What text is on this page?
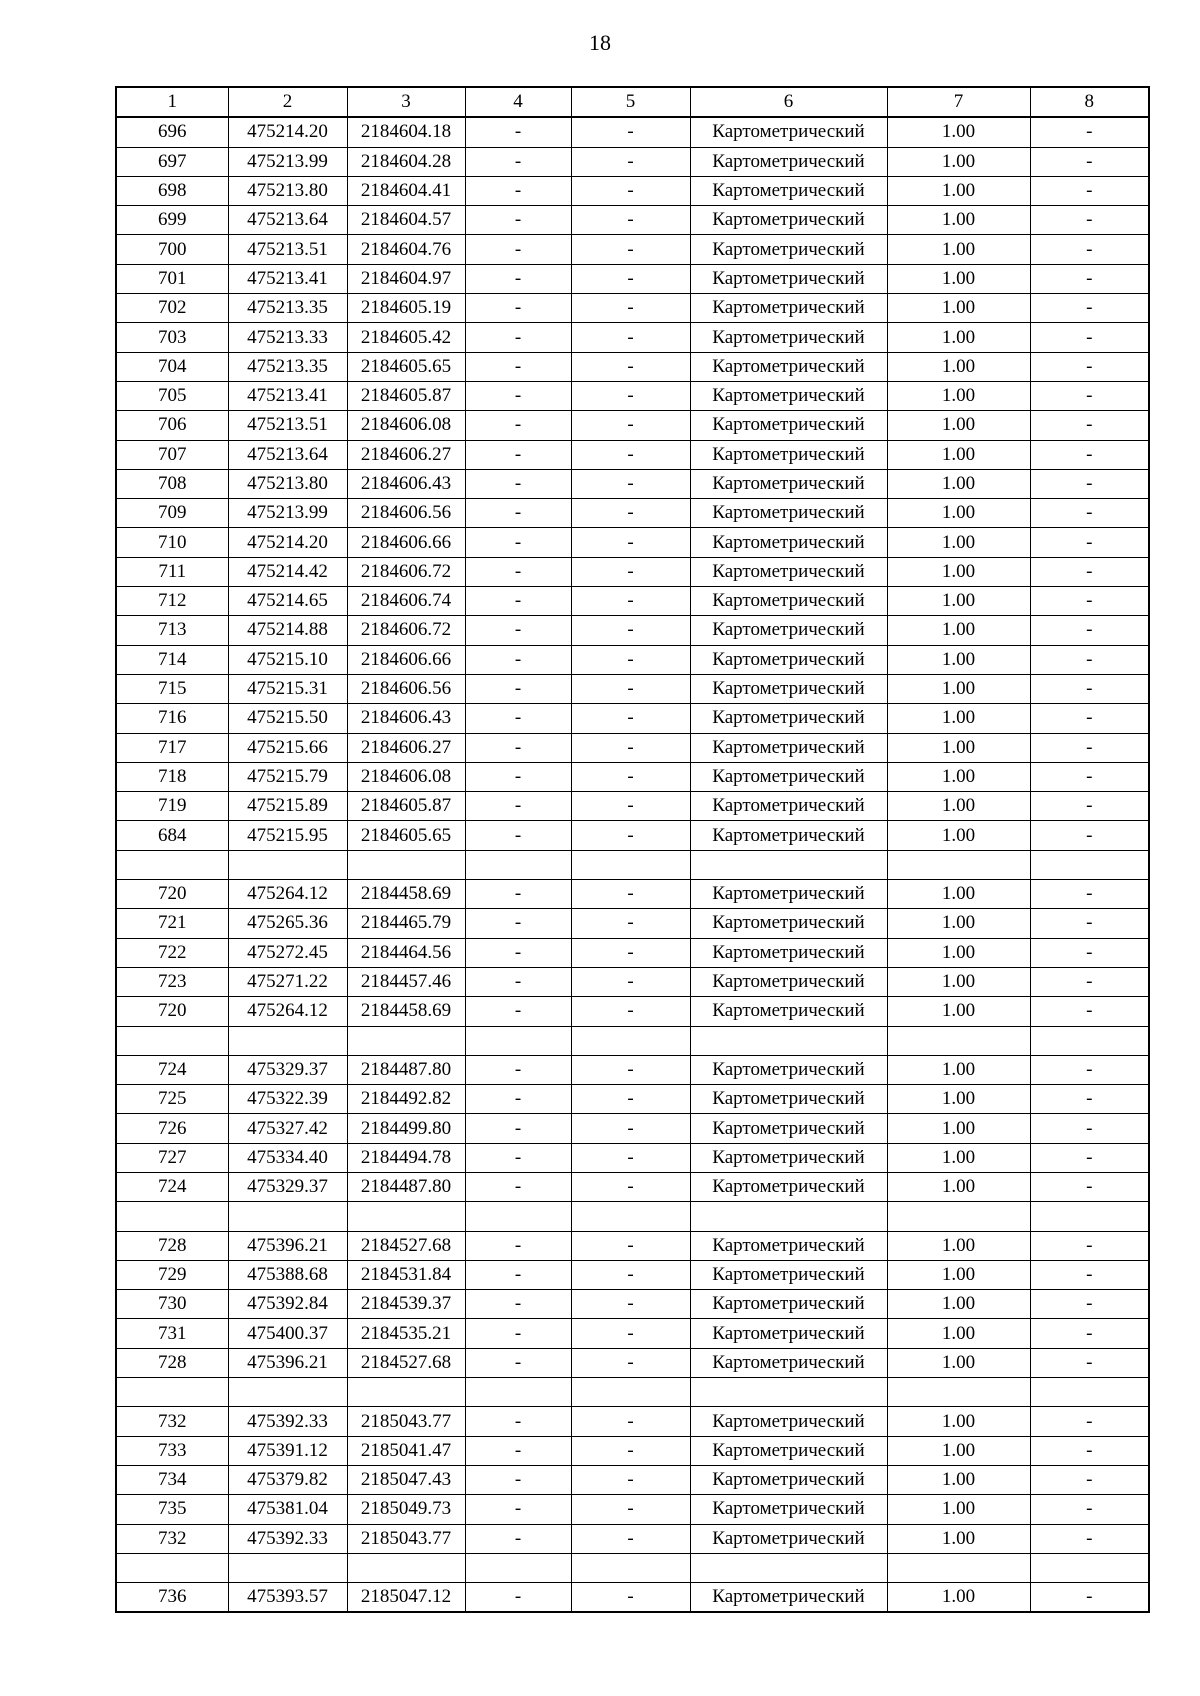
18
1	2	3	4	5	6	7	8
696	475214.20	2184604.18	-	-	Картометрический	1.00	-
697	475213.99	2184604.28	-	-	Картометрический	1.00	-
698	475213.80	2184604.41	-	-	Картометрический	1.00	-
699	475213.64	2184604.57	-	-	Картометрический	1.00	-
700	475213.51	2184604.76	-	-	Картометрический	1.00	-
701	475213.41	2184604.97	-	-	Картометрический	1.00	-
702	475213.35	2184605.19	-	-	Картометрический	1.00	-
703	475213.33	2184605.42	-	-	Картометрический	1.00	-
704	475213.35	2184605.65	-	-	Картометрический	1.00	-
705	475213.41	2184605.87	-	-	Картометрический	1.00	-
706	475213.51	2184606.08	-	-	Картометрический	1.00	-
707	475213.64	2184606.27	-	-	Картометрический	1.00	-
708	475213.80	2184606.43	-	-	Картометрический	1.00	-
709	475213.99	2184606.56	-	-	Картометрический	1.00	-
710	475214.20	2184606.66	-	-	Картометрический	1.00	-
711	475214.42	2184606.72	-	-	Картометрический	1.00	-
712	475214.65	2184606.74	-	-	Картометрический	1.00	-
713	475214.88	2184606.72	-	-	Картометрический	1.00	-
714	475215.10	2184606.66	-	-	Картометрический	1.00	-
715	475215.31	2184606.56	-	-	Картометрический	1.00	-
716	475215.50	2184606.43	-	-	Картометрический	1.00	-
717	475215.66	2184606.27	-	-	Картометрический	1.00	-
718	475215.79	2184606.08	-	-	Картометрический	1.00	-
719	475215.89	2184605.87	-	-	Картометрический	1.00	-
684	475215.95	2184605.65	-	-	Картометрический	1.00	-

720	475264.12	2184458.69	-	-	Картометрический	1.00	-
721	475265.36	2184465.79	-	-	Картометрический	1.00	-
722	475272.45	2184464.56	-	-	Картометрический	1.00	-
723	475271.22	2184457.46	-	-	Картометрический	1.00	-
720	475264.12	2184458.69	-	-	Картометрический	1.00	-

724	475329.37	2184487.80	-	-	Картометрический	1.00	-
725	475322.39	2184492.82	-	-	Картометрический	1.00	-
726	475327.42	2184499.80	-	-	Картометрический	1.00	-
727	475334.40	2184494.78	-	-	Картометрический	1.00	-
724	475329.37	2184487.80	-	-	Картометрический	1.00	-

728	475396.21	2184527.68	-	-	Картометрический	1.00	-
729	475388.68	2184531.84	-	-	Картометрический	1.00	-
730	475392.84	2184539.37	-	-	Картометрический	1.00	-
731	475400.37	2184535.21	-	-	Картометрический	1.00	-
728	475396.21	2184527.68	-	-	Картометрический	1.00	-

732	475392.33	2185043.77	-	-	Картометрический	1.00	-
733	475391.12	2185041.47	-	-	Картометрический	1.00	-
734	475379.82	2185047.43	-	-	Картометрический	1.00	-
735	475381.04	2185049.73	-	-	Картометрический	1.00	-
732	475392.33	2185043.77	-	-	Картометрический	1.00	-

736	475393.57	2185047.12	-	-	Картометрический	1.00	-
